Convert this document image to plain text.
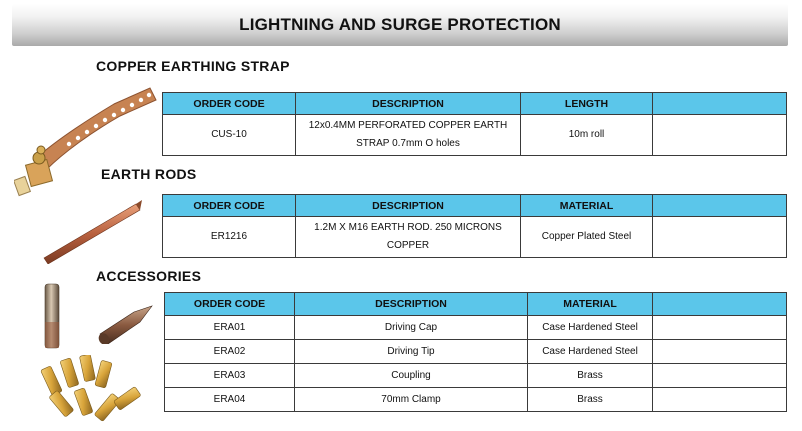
LIGHTNING AND SURGE PROTECTION
COPPER EARTHING STRAP
ORDER CODE	DESCRIPTION	LENGTH	
CUS-10	12x0.4MM PERFORATED COPPER EARTH STRAP 0.7mm O holes	10m roll	
EARTH RODS
ORDER CODE	DESCRIPTION	MATERIAL	
ER1216	1.2M X M16 EARTH ROD. 250 MICRONS COPPER	Copper Plated Steel	
ACCESSORIES
ORDER CODE	DESCRIPTION	MATERIAL	
ERA01	Driving Cap	Case Hardened Steel	
ERA02	Driving Tip	Case Hardened Steel	
ERA03	Coupling	Brass	
ERA04	70mm Clamp	Brass	
